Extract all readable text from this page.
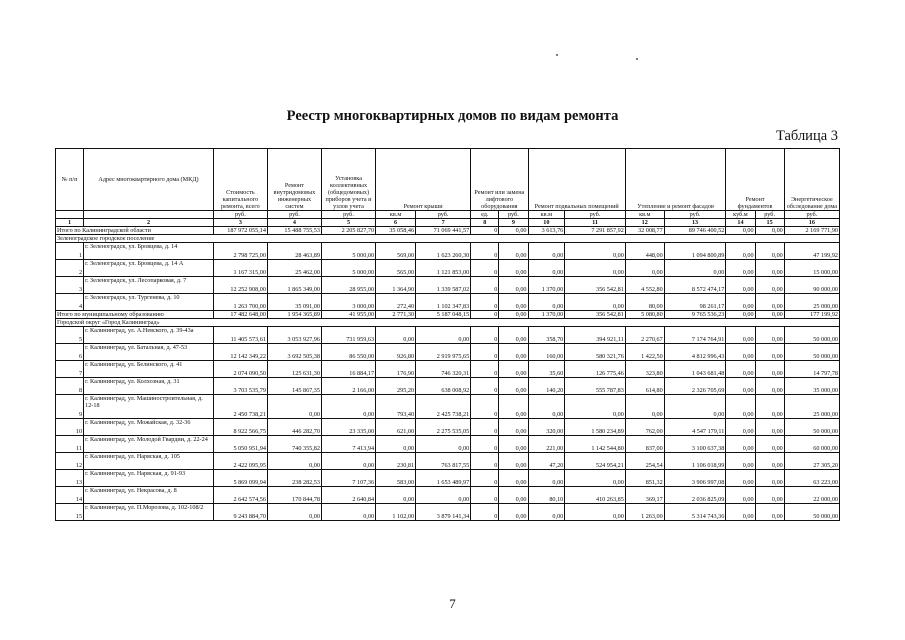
Реестр многоквартирных домов по видам ремонта
Таблица 3
№ п/п	Адрес многоквартирного дома (МКД)	Стоимость капитального ремонта, всего	Ремонт внутридомовых инженерных систем	Установка коллективных (общедомовых) приборов учета и узлов учета	Ремонт крыши		Ремонт или замена лифтового оборудования		Ремонт подвальных помещений		Утепление и ремонт фасадов		Ремонт фундаментов		Энергетическое обследование дома
		руб.	руб.	руб.	кв.м	руб.	ед.	руб.	кв.м	руб.	кв.м	руб.	куб.м	руб.	руб.
1	2	3	4	5	6	7	8	9	10	11	12	13	14	15	16
Итого по Калининградской области		187 972 055,14	15 488 755,53	2 205 827,70	35 058,46	71 069 441,57	0	0,00	3 613,76	7 291 857,92	32 008,77	89 746 400,52	0,00	0,00	2 169 771,90
Зеленоградское городское поселение															
1	г. Зеленоградск, ул. Бровцева, д. 14	2 798 725,00	28 463,89	5 000,00	569,00	1 623 260,30	0	0,00	0,00	0,00	448,00	1 094 800,89	0,00	0,00	47 199,92
2	г. Зеленоградск, ул. Бровцева, д. 14 А	1 167 315,00	25 462,00	5 000,00	565,00	1 121 853,00	0	0,00	0,00	0,00	0,00	0,00	0,00	0,00	15 000,00
3	г. Зеленоградск, ул. Лесопарковая, д. 7	12 252 908,00	1 865 349,00	28 955,00	1 364,90	1 339 587,02	0	0,00	1 370,00	356 542,81	4 552,80	8 572 474,17	0,00	0,00	90 000,00
4	г. Зеленоградск, ул. Тургенева, д. 10	1 263 700,00	35 091,00	3 000,00	272,40	1 102 347,83	0	0,00	0,00	0,00	80,00	98 261,17	0,00	0,00	25 000,00
Итого по муниципальному образованию		17 482 648,00	1 954 365,89	41 955,00	2 771,30	5 187 048,15	0	0,00	1 370,00	356 542,81	5 080,80	9 765 536,23	0,00	0,00	177 199,92
Городской округ «Город Калининград»															
5	г. Калининград, ул. А.Невского, д. 39-43а	11 405 573,61	3 053 927,96	731 959,63	0,00	0,00	0	0,00	358,70	394 921,11	2 270,67	7 174 764,91	0,00	0,00	50 000,00
6	г. Калининград, ул. Батальная, д. 47-53	12 142 349,22	3 692 505,38	86 550,00	926,80	2 919 975,65	0	0,00	160,00	580 321,76	1 422,50	4 812 996,43	0,00	0,00	50 000,00
7	г. Калининград, ул. Белинского, д. 41	2 074 090,50	125 631,30	16 884,17	176,90	746 320,31	0	0,00	35,60	126 775,46	323,80	1 043 681,48	0,00	0,00	14 797,78
8	г. Калининград, ул. Колхозная, д. 31	3 703 535,79	145 867,35	2 166,00	295,20	638 008,92	0	0,00	140,20	555 787,83	614,80	2 326 705,69	0,00	0,00	35 000,00
9	г. Калининград, ул. Машиностроительная, д. 12-18	2 450 738,21	0,00	0,00	793,40	2 425 738,21	0	0,00	0,00	0,00	0,00	0,00	0,00	0,00	25 000,00
10	г. Калининград, ул. Можайская, д. 32-36	8 922 566,75	446 282,70	23 335,00	621,00	2 275 535,05	0	0,00	320,00	1 580 234,89	762,00	4 547 179,11	0,00	0,00	50 000,00
11	г. Калининград, ул. Молодой Гвардии, д. 22-24	5 050 951,94	740 355,82	7 413,94	0,00	0,00	0	0,00	221,00	1 142 544,80	837,00	3 100 637,38	0,00	0,00	60 000,00
12	г. Калининград, ул. Нарвская, д. 105	2 422 095,95	0,00	0,00	230,81	763 817,55	0	0,00	47,20	524 954,21	254,54	1 106 018,99	0,00	0,00	27 305,20
13	г. Калининград, ул. Нарвская, д. 91-93	5 869 099,94	238 282,53	7 107,36	583,00	1 653 489,97	0	0,00	0,00	0,00	851,32	3 906 997,08	0,00	0,00	63 223,00
14	г. Калининград, ул. Некрасова, д. 8	2 642 574,56	170 844,78	2 640,84	0,00	0,00	0	0,00	80,10	410 263,85	369,17	2 036 825,09	0,00	0,00	22 000,00
15	г. Калининград, ул. П.Морозова, д. 102-108/2	9 243 884,70	0,00	0,00	1 102,00	3 879 141,34	0	0,00	0,00	0,00	1 263,00	5 314 743,36	0,00	0,00	50 000,00
7
